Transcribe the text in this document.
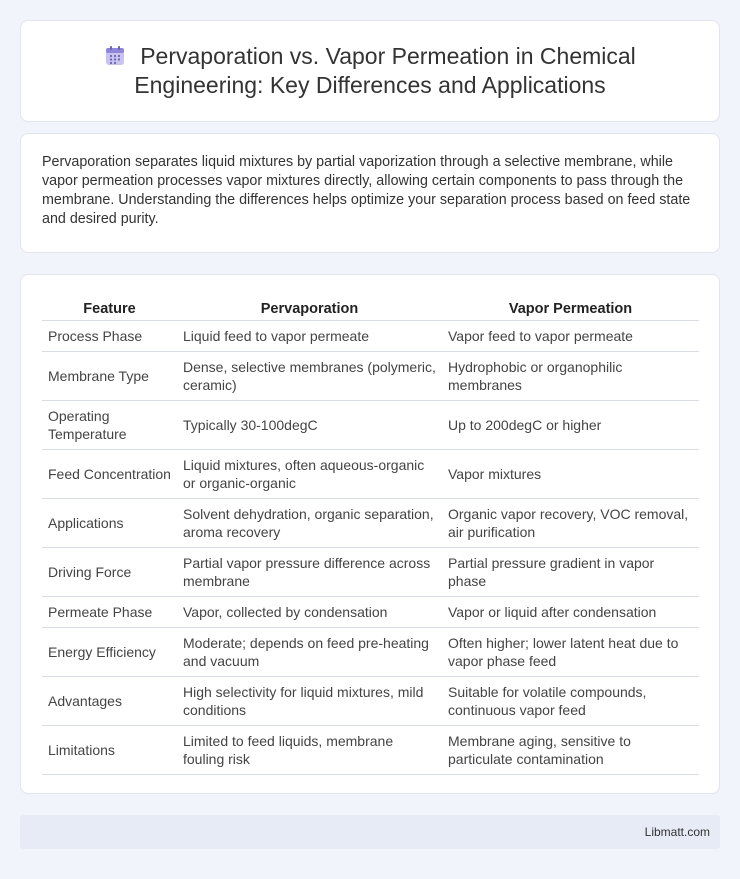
Pervaporation vs. Vapor Permeation in Chemical Engineering: Key Differences and Applications

Pervaporation separates liquid mixtures by partial vaporization through a selective membrane, while vapor permeation processes vapor mixtures directly, allowing certain components to pass through the membrane. Understanding the differences helps optimize your separation process based on feed state and desired purity.

Feature	Pervaporation	Vapor Permeation
Process Phase	Liquid feed to vapor permeate	Vapor feed to vapor permeate
Membrane Type	Dense, selective membranes (polymeric, ceramic)	Hydrophobic or organophilic membranes
Operating Temperature	Typically 30-100degC	Up to 200degC or higher
Feed Concentration	Liquid mixtures, often aqueous-organic or organic-organic	Vapor mixtures
Applications	Solvent dehydration, organic separation, aroma recovery	Organic vapor recovery, VOC removal, air purification
Driving Force	Partial vapor pressure difference across membrane	Partial pressure gradient in vapor phase
Permeate Phase	Vapor, collected by condensation	Vapor or liquid after condensation
Energy Efficiency	Moderate; depends on feed pre-heating and vacuum	Often higher; lower latent heat due to vapor phase feed
Advantages	High selectivity for liquid mixtures, mild conditions	Suitable for volatile compounds, continuous vapor feed
Limitations	Limited to feed liquids, membrane fouling risk	Membrane aging, sensitive to particulate contamination
Libmatt.com
